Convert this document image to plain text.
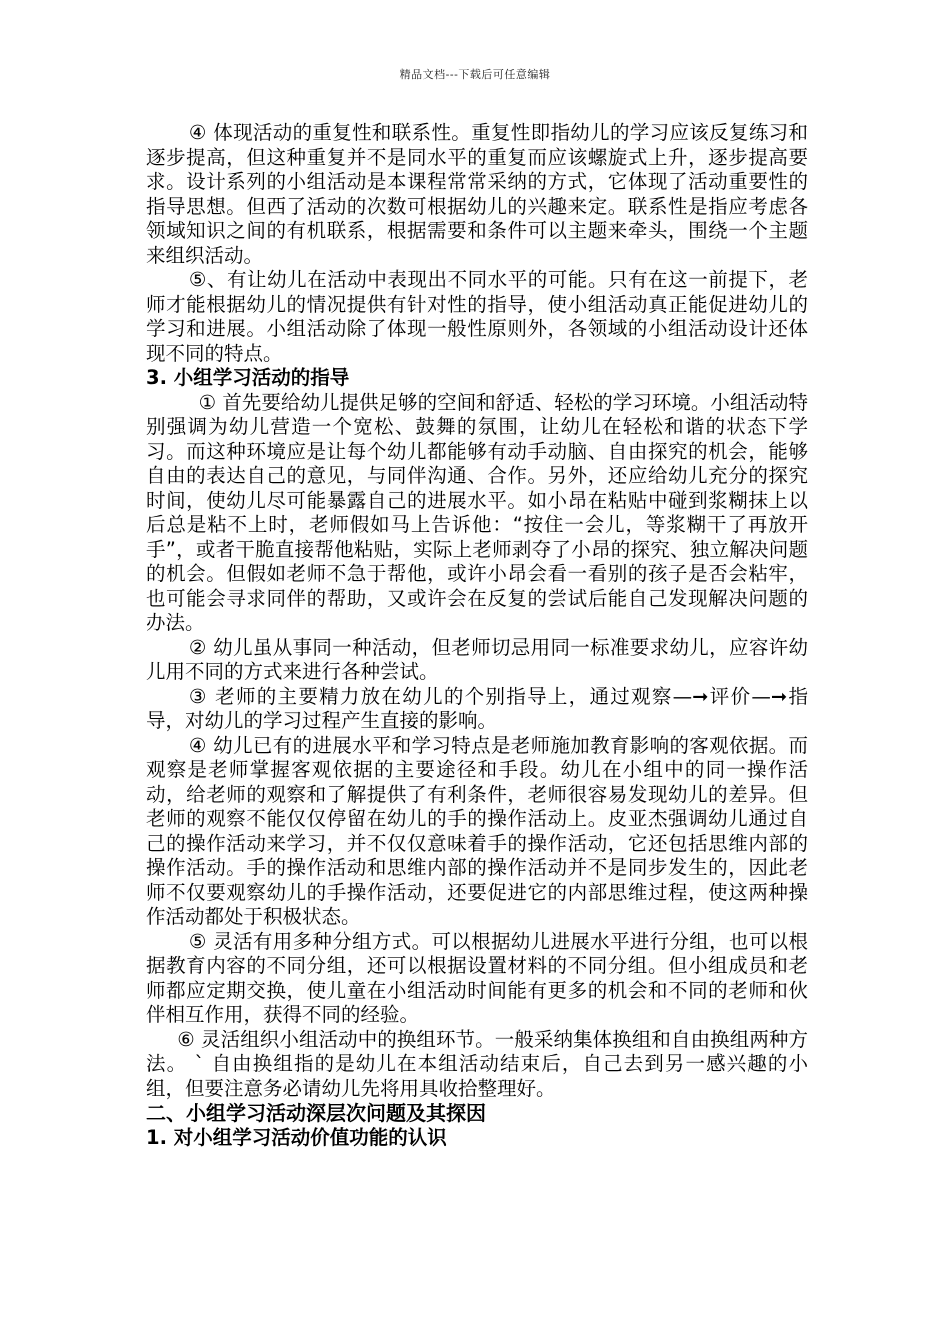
精品文档---下载后可任意编辑

④ 体现活动的重复性和联系性。重复性即指幼儿的学习应该反复练习和逐步提高，但这种重复并不是同水平的重复而应该螺旋式上升，逐步提高要求。设计系列的小组活动是本课程常常采纳的方式，它体现了活动重要性的指导思想。但西了活动的次数可根据幼儿的兴趣来定。联系性是指应考虑各领域知识之间的有机联系，根据需要和条件可以主题来牵头，围绕一个主题来组织活动。

⑤、有让幼儿在活动中表现出不同水平的可能。只有在这一前提下，老师才能根据幼儿的情况提供有针对性的指导，使小组活动真正能促进幼儿的学习和进展。小组活动除了体现一般性原则外，各领域的小组活动设计还体现不同的特点。

3. 小组学习活动的指导

① 首先要给幼儿提供足够的空间和舒适、轻松的学习环境。小组活动特别强调为幼儿营造一个宽松、鼓舞的氛围，让幼儿在轻松和谐的状态下学习。而这种环境应是让每个幼儿都能够有动手动脑、自由探究的机会，能够自由的表达自己的意见，与同伴沟通、合作。另外，还应给幼儿充分的探究时间，使幼儿尽可能暴露自己的进展水平。如小昂在粘贴中碰到浆糊抹上以后总是粘不上时，老师假如马上告诉他：“按住一会儿，等浆糊干了再放开手”，或者干脆直接帮他粘贴，实际上老师剥夺了小昂的探究、独立解决问题的机会。但假如老师不急于帮他，或许小昂会看一看别的孩子是否会粘牢，也可能会寻求同伴的帮助，又或许会在反复的尝试后能自己发现解决问题的办法。

② 幼儿虽从事同一种活动，但老师切忌用同一标准要求幼儿，应容许幼儿用不同的方式来进行各种尝试。

③ 老师的主要精力放在幼儿的个别指导上，通过观察—➞评价—➞指导，对幼儿的学习过程产生直接的影响。

④ 幼儿已有的进展水平和学习特点是老师施加教育影响的客观依据。而观察是老师掌握客观依据的主要途径和手段。幼儿在小组中的同一操作活动，给老师的观察和了解提供了有利条件，老师很容易发现幼儿的差异。但老师的观察不能仅仅停留在幼儿的手的操作活动上。皮亚杰强调幼儿通过自己的操作活动来学习，并不仅仅意味着手的操作活动，它还包括思维内部的操作活动。手的操作活动和思维内部的操作活动并不是同步发生的，因此老师不仅要观察幼儿的手操作活动，还要促进它的内部思维过程，使这两种操作活动都处于积极状态。

⑤ 灵活有用多种分组方式。可以根据幼儿进展水平进行分组，也可以根据教育内容的不同分组，还可以根据设置材料的不同分组。但小组成员和老师都应定期交换，使儿童在小组活动时间能有更多的机会和不同的老师和伙伴相互作用，获得不同的经验。

⑥ 灵活组织小组活动中的换组环节。一般采纳集体换组和自由换组两种方法。 ` 自由换组指的是幼儿在本组活动结束后，自己去到另一感兴趣的小组，但要注意务必请幼儿先将用具收拾整理好。

二、小组学习活动深层次问题及其探因

1. 对小组学习活动价值功能的认识
